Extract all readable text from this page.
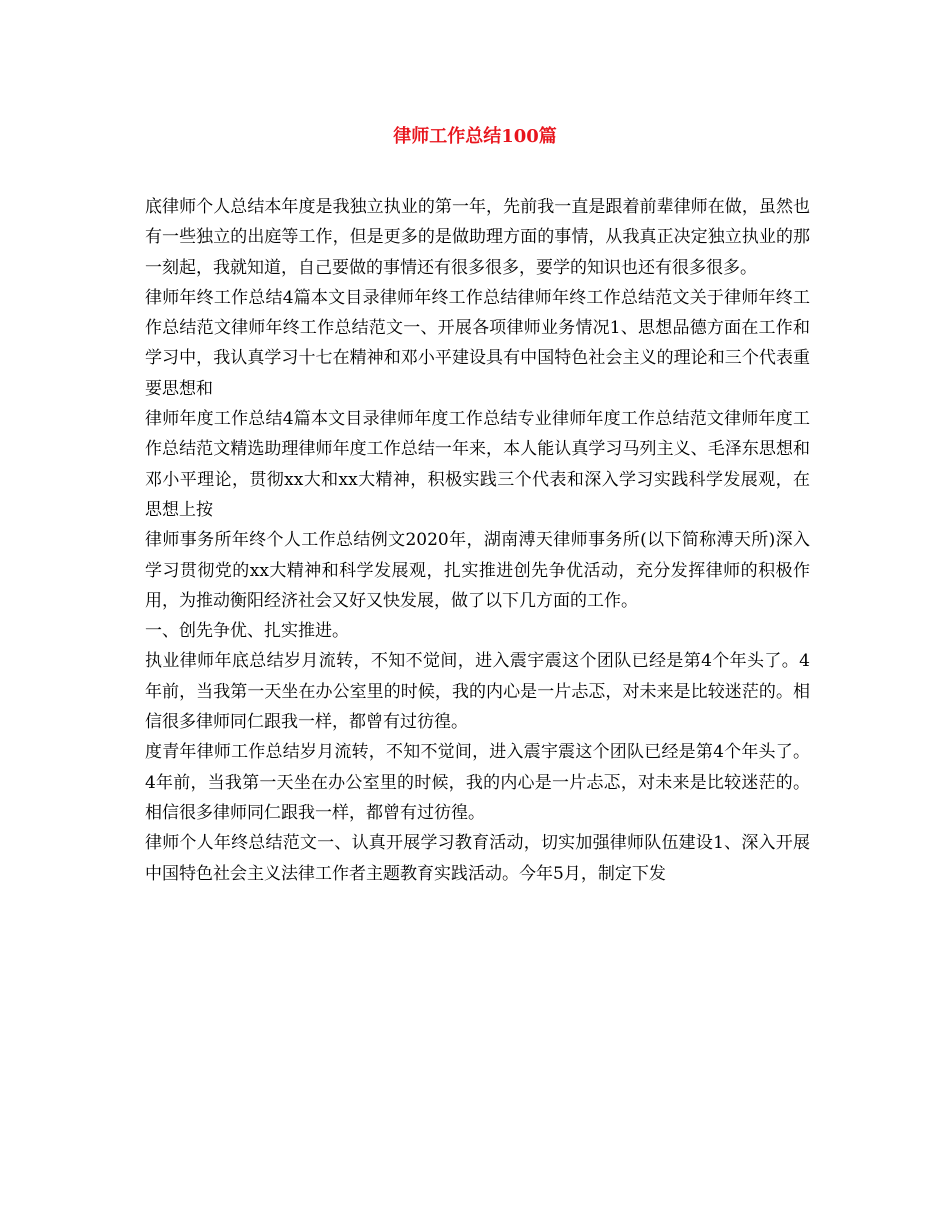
律师工作总结100篇

底律师个人总结本年度是我独立执业的第一年，先前我一直是跟着前辈律师在做，虽然也有一些独立的出庭等工作，但是更多的是做助理方面的事情，从我真正决定独立执业的那一刻起，我就知道，自己要做的事情还有很多很多，要学的知识也还有很多很多。

律师年终工作总结4篇本文目录律师年终工作总结律师年终工作总结范文关于律师年终工作总结范文律师年终工作总结范文一、开展各项律师业务情况1、思想品德方面在工作和学习中，我认真学习十七在精神和邓小平建设具有中国特色社会主义的理论和三个代表重要思想和

律师年度工作总结4篇本文目录律师年度工作总结专业律师年度工作总结范文律师年度工作总结范文精选助理律师年度工作总结一年来，本人能认真学习马列主义、毛泽东思想和邓小平理论，贯彻xx大和xx大精神，积极实践三个代表和深入学习实践科学发展观，在思想上按

律师事务所年终个人工作总结例文2020年，湖南溥天律师事务所(以下简称溥天所)深入学习贯彻党的xx大精神和科学发展观，扎实推进创先争优活动，充分发挥律师的积极作用，为推动衡阳经济社会又好又快发展，做了以下几方面的工作。

一、创先争优、扎实推进。

执业律师年底总结岁月流转，不知不觉间，进入震宇震这个团队已经是第4个年头了。4年前，当我第一天坐在办公室里的时候，我的内心是一片忐忑，对未来是比较迷茫的。相信很多律师同仁跟我一样，都曾有过彷徨。

度青年律师工作总结岁月流转，不知不觉间，进入震宇震这个团队已经是第4个年头了。4年前，当我第一天坐在办公室里的时候，我的内心是一片忐忑，对未来是比较迷茫的。相信很多律师同仁跟我一样，都曾有过彷徨。

律师个人年终总结范文一、认真开展学习教育活动，切实加强律师队伍建设1、深入开展中国特色社会主义法律工作者主题教育实践活动。今年5月，制定下发
